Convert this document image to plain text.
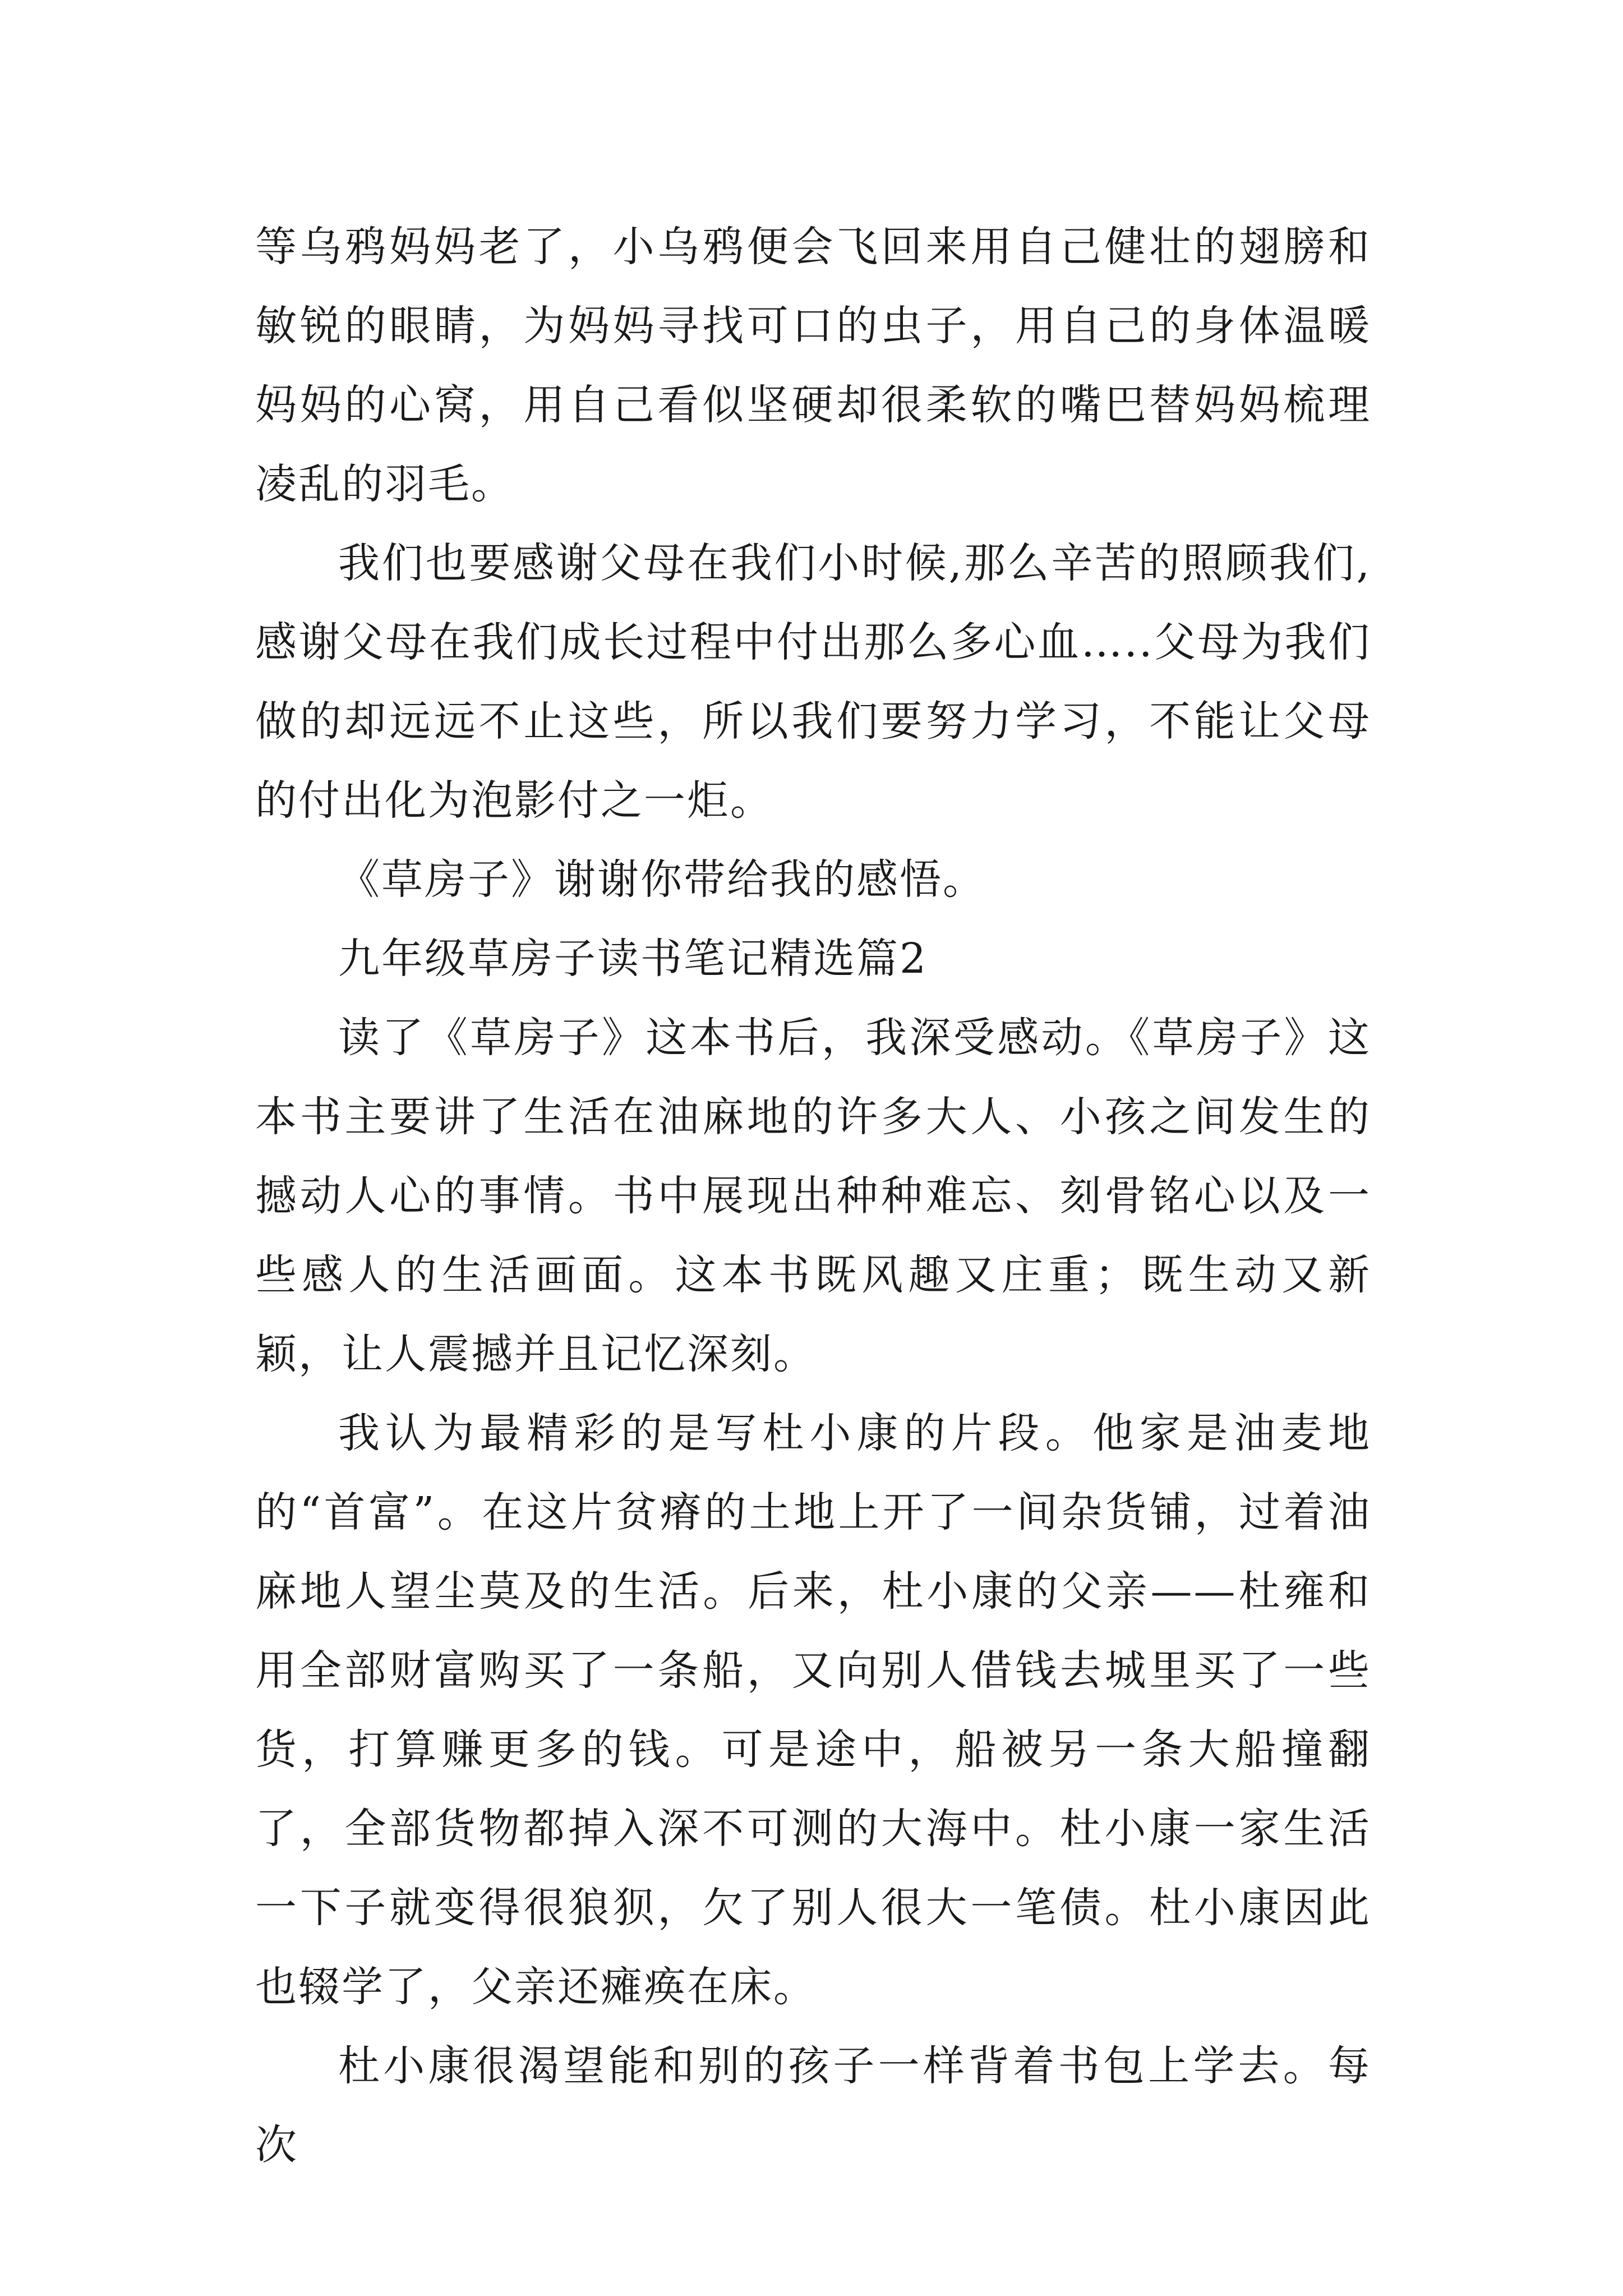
等乌鸦妈妈老了，小乌鸦便会飞回来用自己健壮的翅膀和敏锐的眼睛，为妈妈寻找可口的虫子，用自己的身体温暖妈妈的心窝，用自己看似坚硬却很柔软的嘴巴替妈妈梳理凌乱的羽毛。

我们也要感谢父母在我们小时候,那么辛苦的照顾我们,感谢父母在我们成长过程中付出那么多心血…..父母为我们做的却远远不止这些，所以我们要努力学习，不能让父母的付出化为泡影付之一炬。

《草房子》谢谢你带给我的感悟。

九年级草房子读书笔记精选篇2

读了《草房子》这本书后，我深受感动。《草房子》这本书主要讲了生活在油麻地的许多大人、小孩之间发生的撼动人心的事情。书中展现出种种难忘、刻骨铭心以及一些感人的生活画面。这本书既风趣又庄重；既生动又新颖，让人震撼并且记忆深刻。

我认为最精彩的是写杜小康的片段。他家是油麦地的“首富”。在这片贫瘠的土地上开了一间杂货铺，过着油麻地人望尘莫及的生活。后来，杜小康的父亲——杜雍和用全部财富购买了一条船，又向别人借钱去城里买了一些货，打算赚更多的钱。可是途中，船被另一条大船撞翻了，全部货物都掉入深不可测的大海中。杜小康一家生活一下子就变得很狼狈，欠了别人很大一笔债。杜小康因此也辍学了，父亲还瘫痪在床。

杜小康很渴望能和别的孩子一样背着书包上学去。每次
